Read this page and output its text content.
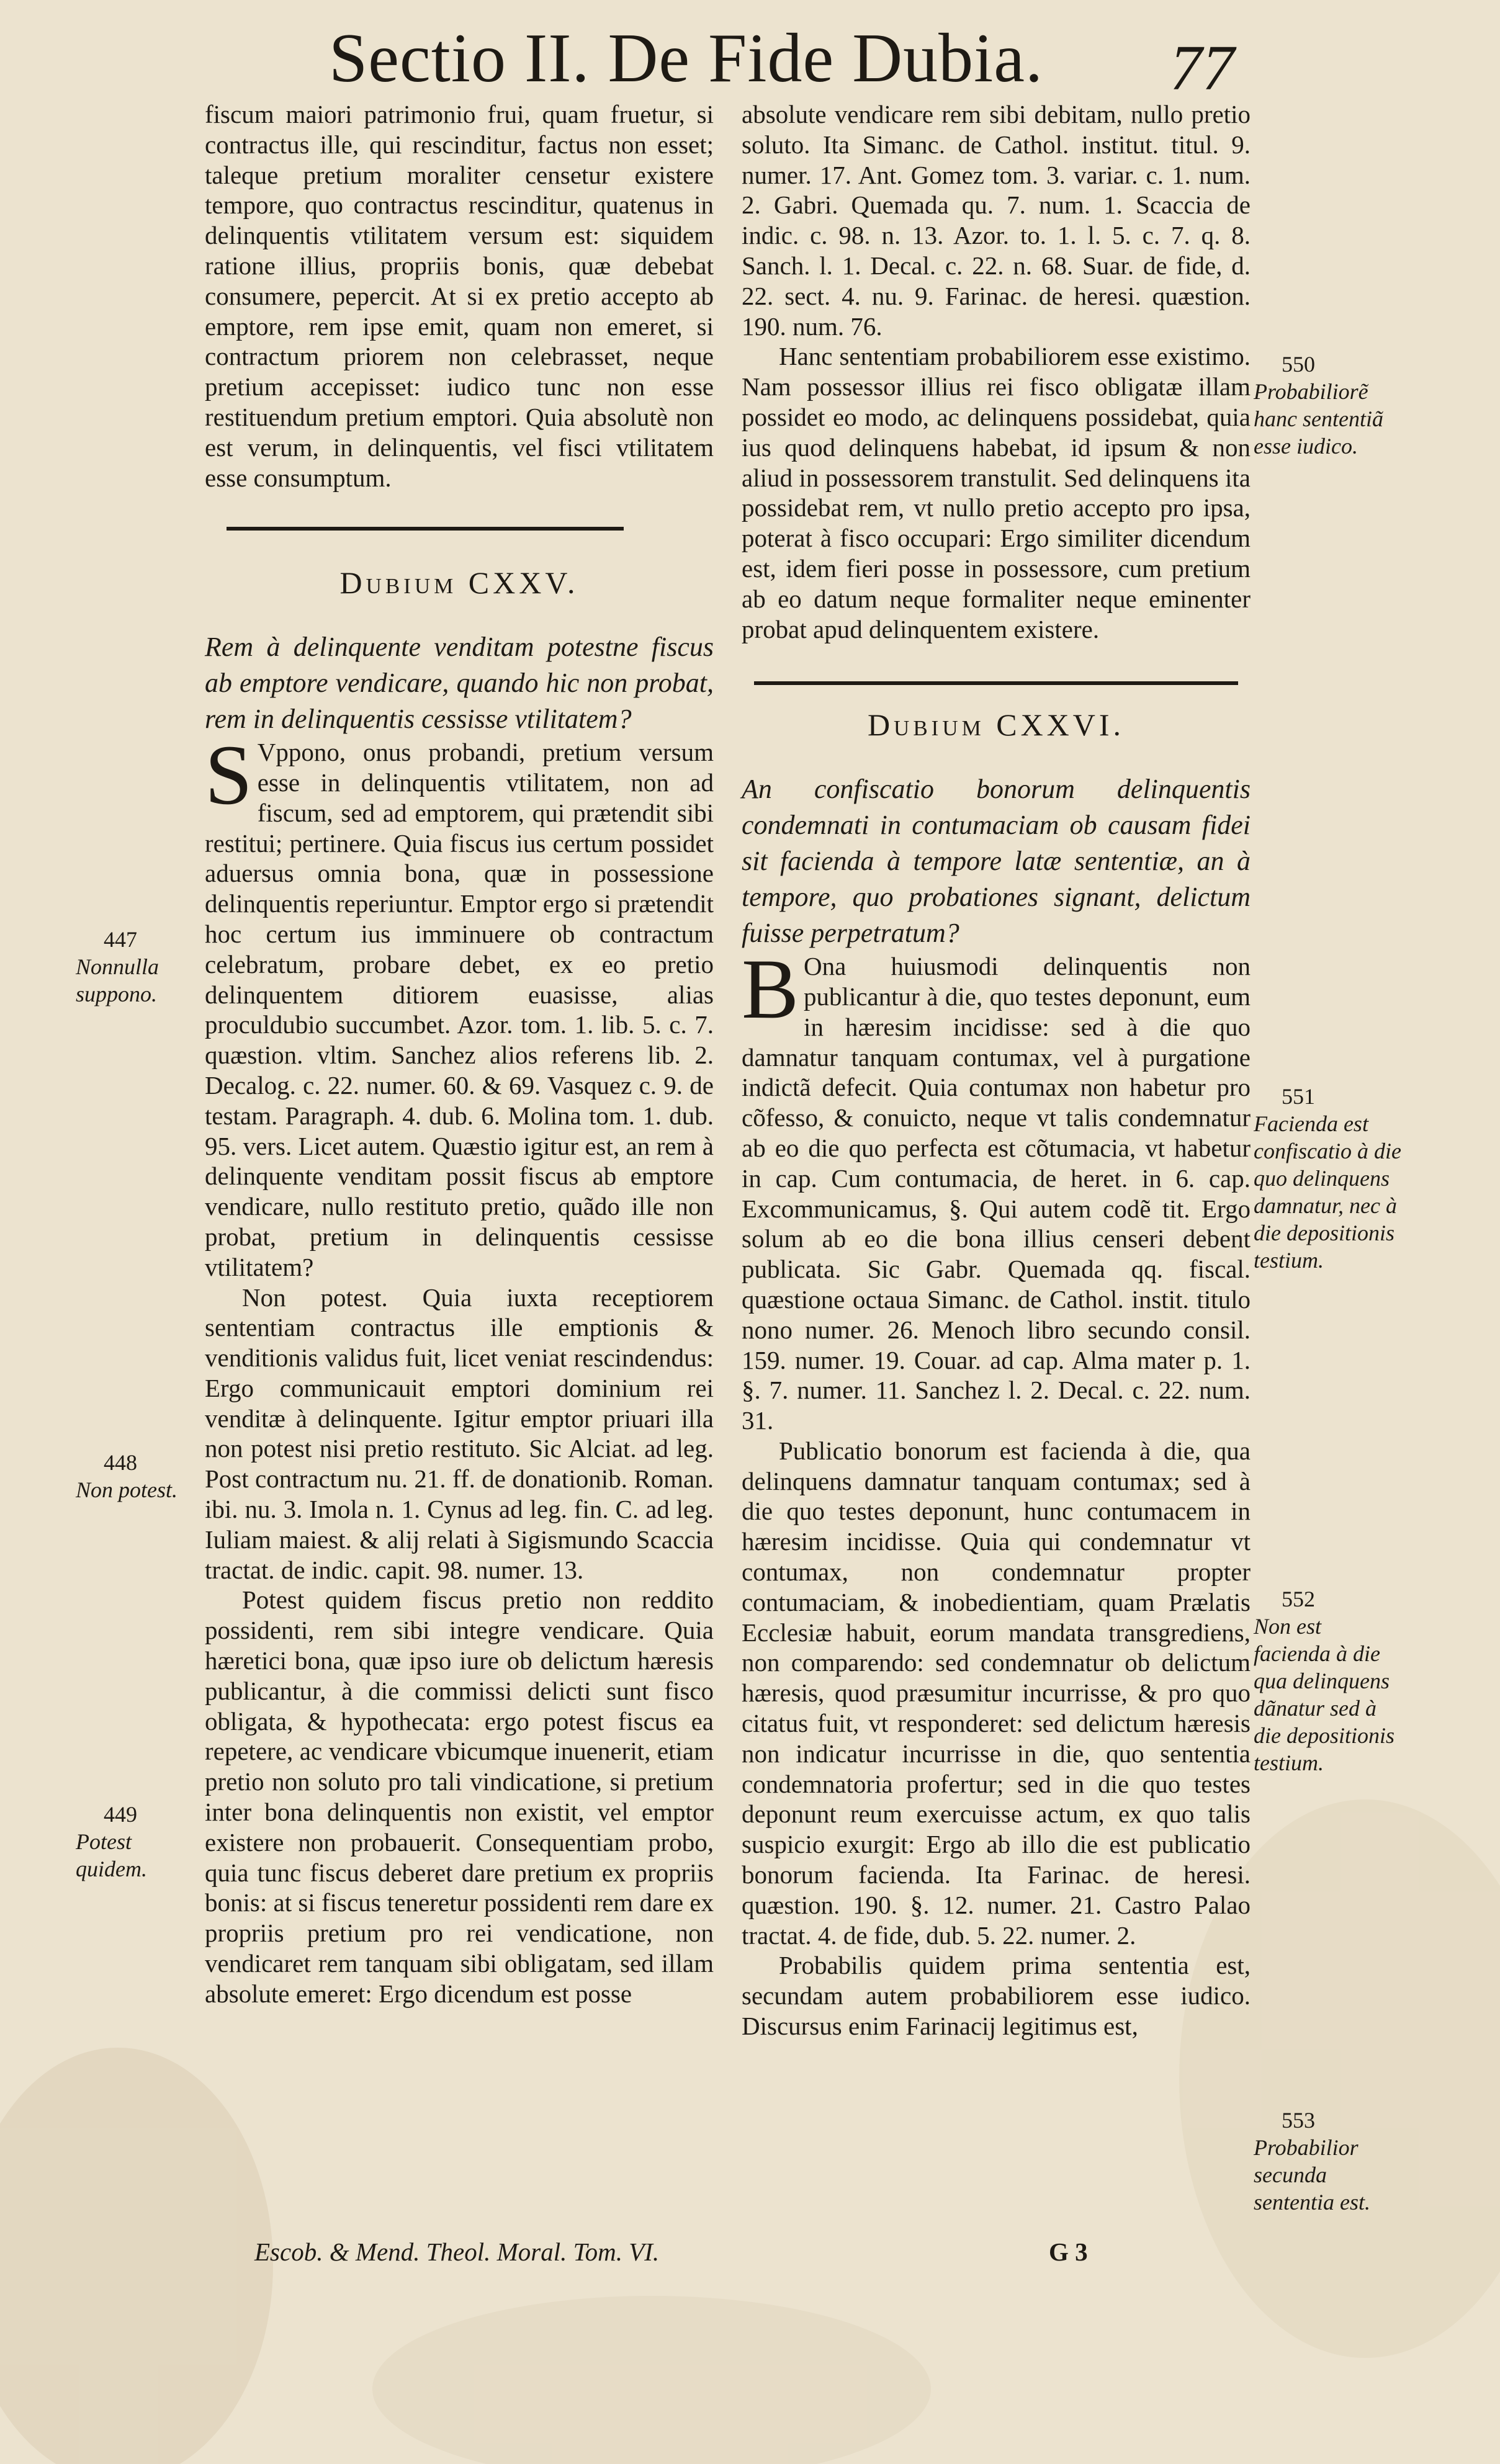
Sectio II. De Fide Dubia. 77

fiscum maiori patrimonio frui, quam fruetur, si contractus ille, qui rescinditur, factus non esset; taleque pretium moraliter censetur existere tempore, quo contractus rescinditur, quatenus in delinquentis vtilitatem versum est: siquidem ratione illius, propriis bonis, quæ debebat consumere, pepercit. At si ex pretio accepto ab emptore, rem ipse emit, quam non emeret, si contractum priorem non celebrasset, neque pretium accepisset: iudico tunc non esse restituendum pretium emptori. Quia absolutè non est verum, in delinquentis, vel fisci vtilitatem esse consumptum.

Dubium CXXV.

Rem à delinquente venditam potestne fiscus ab emptore vendicare, quando hic non probat, rem in delinquentis cessisse vtilitatem?

S Vppono, onus probandi, pretium versum esse in delinquentis vtilitatem, non ad fiscum, sed ad emptorem, qui prætendit sibi restitui; pertinere. Quia fiscus ius certum possidet aduersus omnia bona, quæ in possessione delinquentis reperiuntur. Emptor ergo si prætendit hoc certum ius imminuere ob contractum celebratum, probare debet, ex eo pretio delinquentem ditiorem euasisse, alias proculdubio succumbet. Azor. tom. 1. lib. 5. c. 7. quæstion. vltim. Sanchez alios referens lib. 2. Decalog. c. 22. numer. 60. & 69. Vasquez c. 9. de testam. Paragraph. 4. dub. 6. Molina tom. 1. dub. 95. vers. Licet autem. Quæstio igitur est, an rem à delinquente venditam possit fiscus ab emptore vendicare, nullo restituto pretio, quãdo ille non probat, pretium in delinquentis cessisse vtilitatem?

Non potest. Quia iuxta receptiorem sententiam contractus ille emptionis & venditionis validus fuit, licet veniat rescindendus: Ergo communicauit emptori dominium rei venditæ à delinquente. Igitur emptor priuari illa non potest nisi pretio restituto. Sic Alciat. ad leg. Post contractum nu. 21. ff. de donationib. Roman. ibi. nu. 3. Imola n. 1. Cynus ad leg. fin. C. ad leg. Iuliam maiest. & alij relati à Sigismundo Scaccia tractat. de indic. capit. 98. numer. 13.

Potest quidem fiscus pretio non reddito possidenti, rem sibi integre vendicare. Quia hæretici bona, quæ ipso iure ob delictum hæresis publicantur, à die commissi delicti sunt fisco obligata, & hypothecata: ergo potest fiscus ea repetere, ac vendicare vbicumque inuenerit, etiam pretio non soluto pro tali vindicatione, si pretium inter bona delinquentis non existit, vel emptor existere non probauerit. Consequentiam probo, quia tunc fiscus deberet dare pretium ex propriis bonis: at si fiscus teneretur possidenti rem dare ex propriis pretium pro rei vendicatione, non vendicaret rem tanquam sibi obligatam, sed illam absolute emeret: Ergo dicendum est posse

absolute vendicare rem sibi debitam, nullo pretio soluto. Ita Simanc. de Cathol. institut. titul. 9. numer. 17. Ant. Gomez tom. 3. variar. c. 1. num. 2. Gabri. Quemada qu. 7. num. 1. Scaccia de indic. c. 98. n. 13. Azor. to. 1. l. 5. c. 7. q. 8. Sanch. l. 1. Decal. c. 22. n. 68. Suar. de fide, d. 22. sect. 4. nu. 9. Farinac. de heresi. quæstion. 190. num. 76.

Hanc sententiam probabiliorem esse existimo. Nam possessor illius rei fisco obligatæ illam possidet eo modo, ac delinquens possidebat, quia ius quod delinquens habebat, id ipsum & non aliud in possessorem transtulit. Sed delinquens ita possidebat rem, vt nullo pretio accepto pro ipsa, poterat à fisco occupari: Ergo similiter dicendum est, idem fieri posse in possessore, cum pretium ab eo datum neque formaliter neque eminenter probat apud delinquentem existere.

Dubium CXXVI.

An confiscatio bonorum delinquentis condemnati in contumaciam ob causam fidei sit facienda à tempore latæ sententiæ, an à tempore, quo probationes signant, delictum fuisse perpetratum?

B Ona huiusmodi delinquentis non publicantur à die, quo testes deponunt, eum in hæresim incidisse: sed à die quo damnatur tanquam contumax, vel à purgatione indictã defecit. Quia contumax non habetur pro cõfesso, & conuicto, neque vt talis condemnatur ab eo die quo perfecta est cõtumacia, vt habetur in cap. Cum contumacia, de heret. in 6. cap. Excommunicamus, §. Qui autem codẽ tit. Ergo solum ab eo die bona illius censeri debent publicata. Sic Gabr. Quemada qq. fiscal. quæstione octaua Simanc. de Cathol. instit. titulo nono numer. 26. Menoch libro secundo consil. 159. numer. 19. Couar. ad cap. Alma mater p. 1. §. 7. numer. 11. Sanchez l. 2. Decal. c. 22. num. 31.

Publicatio bonorum est facienda à die, qua delinquens damnatur tanquam contumax; sed à die quo testes deponunt, hunc contumacem in hæresim incidisse. Quia qui condemnatur vt contumax, non condemnatur propter contumaciam, & inobedientiam, quam Prælatis Ecclesiæ habuit, eorum mandata transgrediens, non comparendo: sed condemnatur ob delictum hæresis, quod præsumitur incurrisse, & pro quo citatus fuit, vt responderet: sed delictum hæresis non indicatur incurrisse in die, quo sententia condemnatoria profertur; sed in die quo testes deponunt reum exercuisse actum, ex quo talis suspicio exurgit: Ergo ab illo die est publicatio bonorum facienda. Ita Farinac. de heresi. quæstion. 190. §. 12. numer. 21. Castro Palao tractat. 4. de fide, dub. 5. 22. numer. 2.

Probabilis quidem prima sententia est, secundam autem probabiliorem esse iudico. Discursus enim Farinacij legitimus est,

447
Nonnulla suppono.
448
Non potest.
449
Potest quidem.
550
Probabiliorẽ hanc sententiã esse iudico.
551
Facienda est confiscatio à die quo delinquens damnatur, nec à die depositionis testium.
552
Non est facienda à die qua delinquens dãnatur sed à die depositionis testium.
553
Probabilior secunda sententia est.
Escob. & Mend. Theol. Moral. Tom. VI.	G 3
